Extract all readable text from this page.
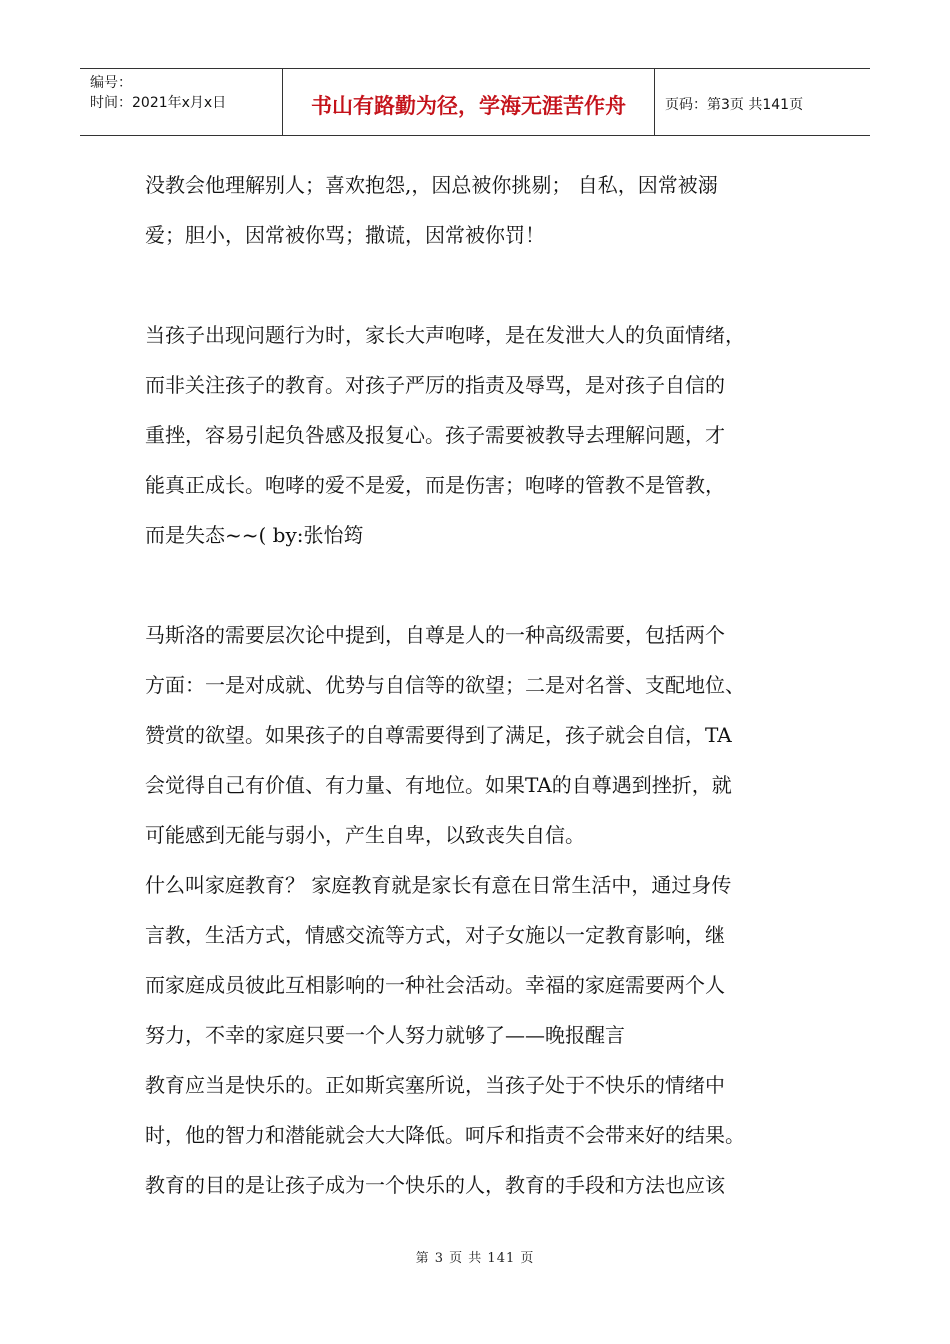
编号：
时间：2021年x月x日	书山有路勤为径，学海无涯苦作舟	页码：第3页 共141页

没教会他理解别人；喜欢抱怨,，因总被你挑剔； 自私，因常被溺

爱；胆小，因常被你骂；撒谎，因常被你罚！

当孩子出现问题行为时，家长大声咆哮，是在发泄大人的负面情绪，

而非关注孩子的教育。对孩子严厉的指责及辱骂，是对孩子自信的

重挫，容易引起负咎感及报复心。孩子需要被教导去理解问题，才

能真正成长。咆哮的爱不是爱，而是伤害；咆哮的管教不是管教，

而是失态~~( by:张怡筠

马斯洛的需要层次论中提到，自尊是人的一种高级需要，包括两个

方面：一是对成就、优势与自信等的欲望；二是对名誉、支配地位、

赞赏的欲望。如果孩子的自尊需要得到了满足，孩子就会自信，TA

会觉得自己有价值、有力量、有地位。如果TA的自尊遇到挫折，就

可能感到无能与弱小，产生自卑，以致丧失自信。

什么叫家庭教育？ 家庭教育就是家长有意在日常生活中，通过身传

言教，生活方式，情感交流等方式，对子女施以一定教育影响，继

而家庭成员彼此互相影响的一种社会活动。幸福的家庭需要两个人

努力，不幸的家庭只要一个人努力就够了——晚报醒言

教育应当是快乐的。正如斯宾塞所说，当孩子处于不快乐的情绪中

时，他的智力和潜能就会大大降低。呵斥和指责不会带来好的结果。

教育的目的是让孩子成为一个快乐的人，教育的手段和方法也应该

第 3 页 共 141 页
